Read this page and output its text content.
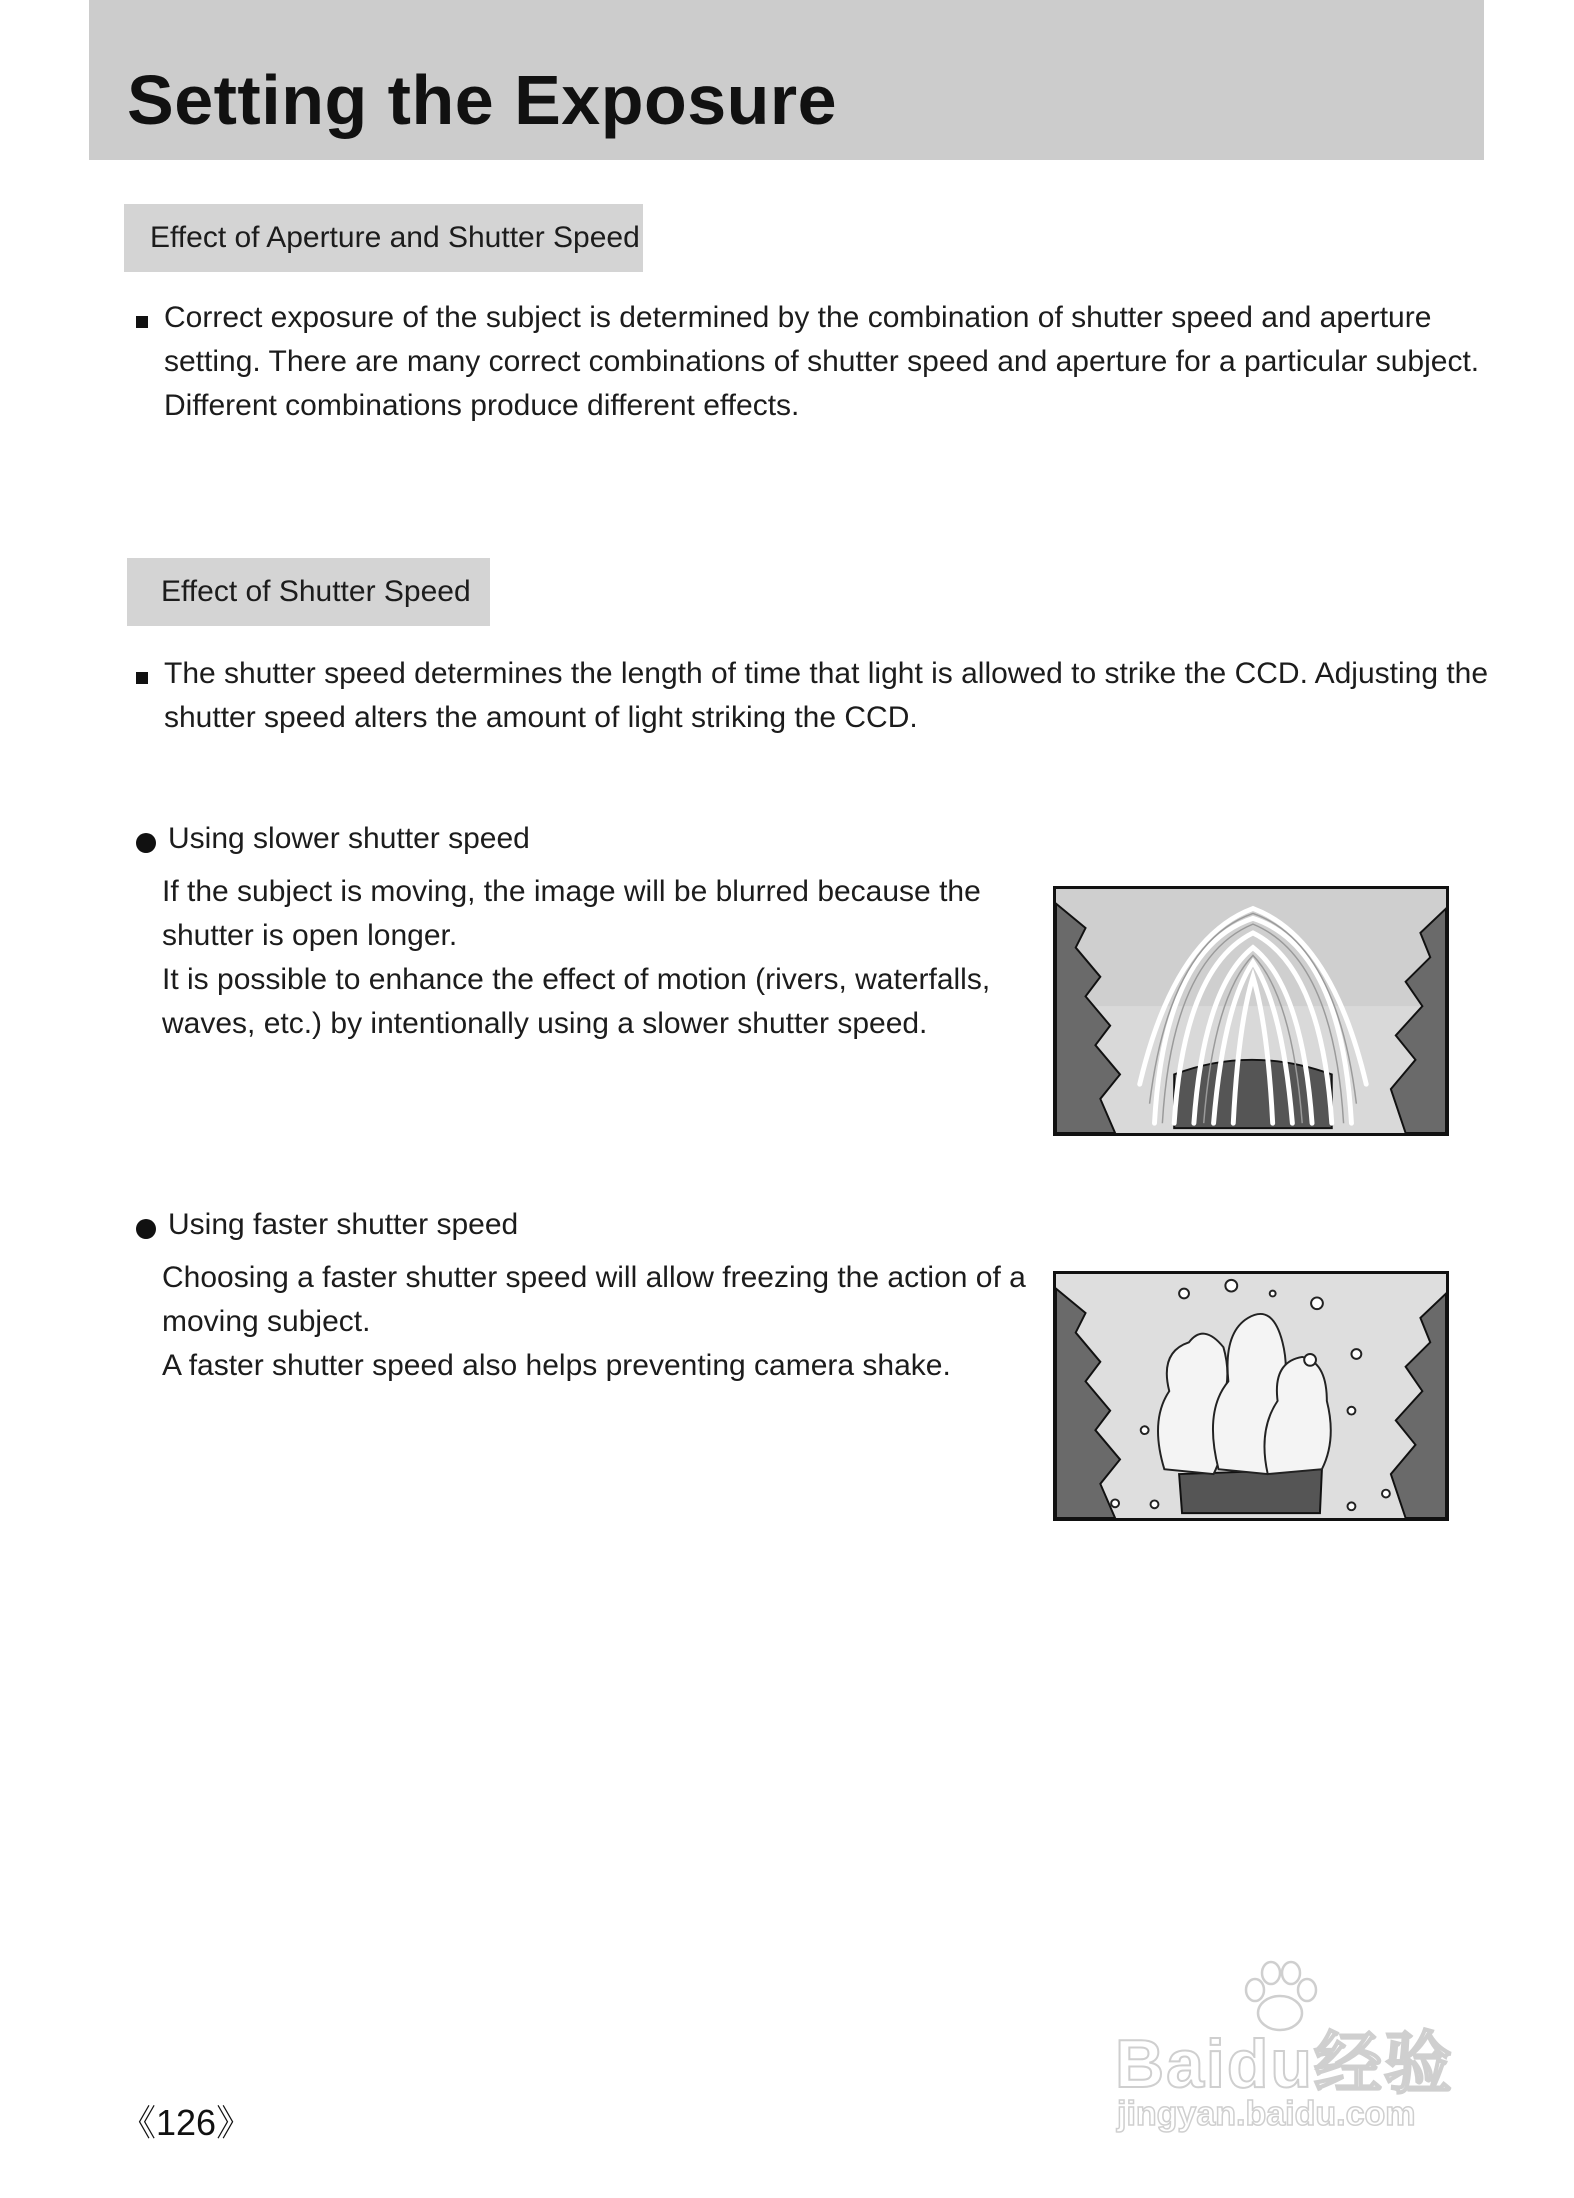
Setting the Exposure
Effect of Aperture and Shutter Speed
Correct exposure of the subject is determined by the combination of shutter speed and aperture
setting. There are many correct combinations of shutter speed and aperture for a particular subject.
Different combinations produce different effects.
Effect of Shutter Speed
The shutter speed determines the length of time that light is allowed to strike the CCD. Adjusting the
shutter speed alters the amount of light striking the CCD.
Using slower shutter speed
If the subject is moving, the image will be blurred because the
shutter is open longer.
It is possible to enhance the effect of motion (rivers, waterfalls,
waves, etc.) by intentionally using a slower shutter speed.
Using faster shutter speed
Choosing a faster shutter speed will allow freezing the action of a
moving subject.
A faster shutter speed also helps preventing camera shake.
《126》
Baidu经验
jingyan.baidu.com
